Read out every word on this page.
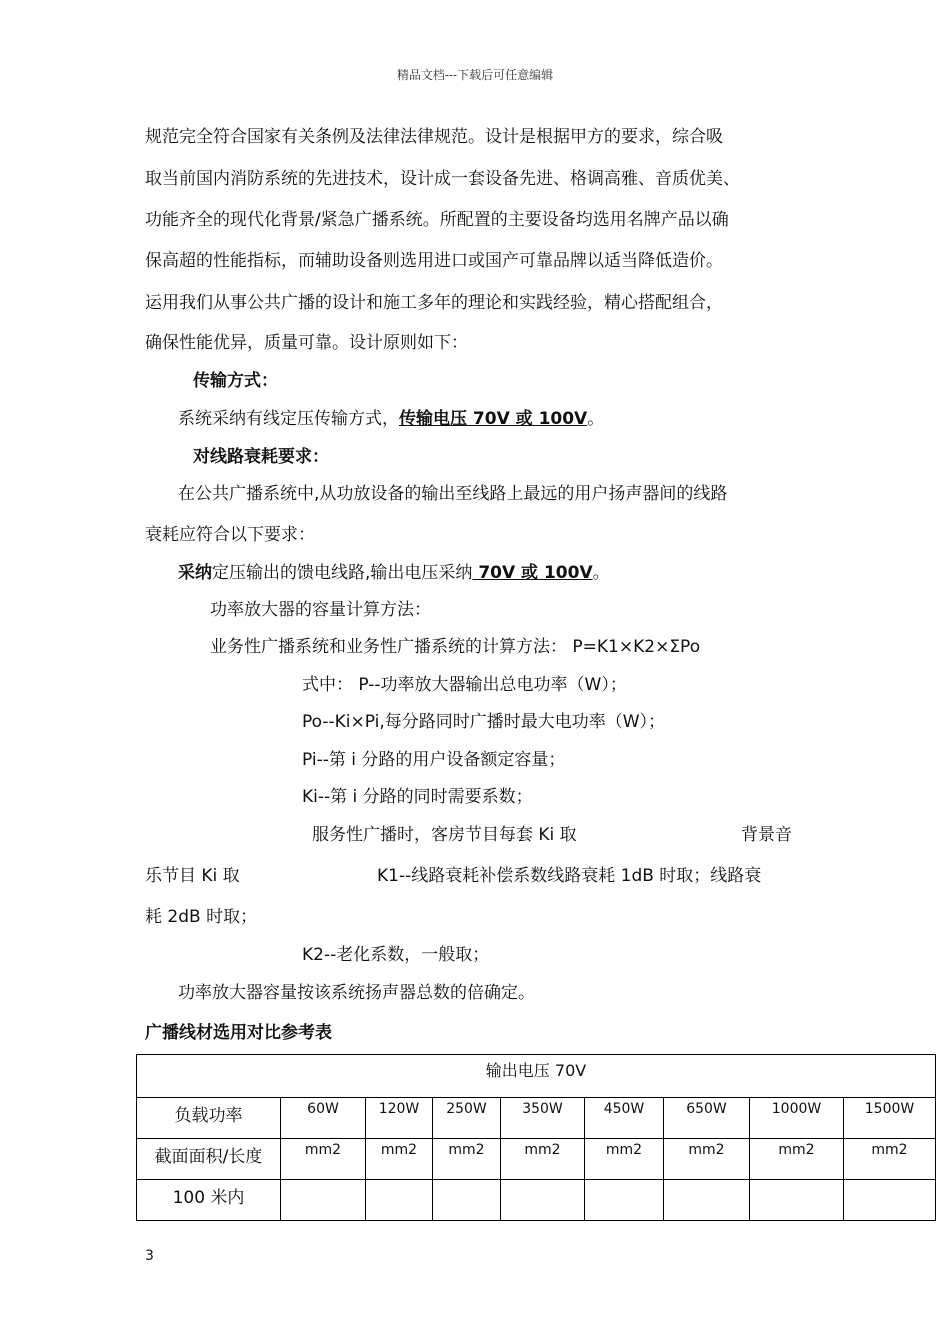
精品文档---下载后可任意编辑
规范完全符合国家有关条例及法律法律规范。设计是根据甲方的要求，综合吸
取当前国内消防系统的先进技术，设计成一套设备先进、格调高雅、音质优美、
功能齐全的现代化背景/紧急广播系统。所配置的主要设备均选用名牌产品以确
保高超的性能指标，而辅助设备则选用进口或国产可靠品牌以适当降低造价。
运用我们从事公共广播的设计和施工多年的理论和实践经验，精心搭配组合，
确保性能优异，质量可靠。设计原则如下：
传输方式：
系统采纳有线定压传输方式，传输电压 70V 或 100V。
对线路衰耗要求：
在公共广播系统中,从功放设备的输出至线路上最远的用户扬声器间的线路
衰耗应符合以下要求：
采纳定压输出的馈电线路,输出电压采纳 70V 或 100V。
功率放大器的容量计算方法：
业务性广播系统和业务性广播系统的计算方法： P=K1×K2×ΣPo
式中： P--功率放大器输出总电功率（W）；
Po--Ki×Pi,每分路同时广播时最大电功率（W）；
Pi--第 i 分路的用户设备额定容量；
Ki--第 i 分路的同时需要系数；
服务性广播时，客房节目每套 Ki 取	背景音
乐节目 Ki 取	K1--线路衰耗补偿系数线路衰耗 1dB 时取；线路衰
耗 2dB 时取；
K2--老化系数，一般取；
功率放大器容量按该系统扬声器总数的倍确定。
广播线材选用对比参考表
输出电压 70V								
负载功率	60W	120W	250W	350W	450W	650W	1000W	1500W
截面面积/长度	mm2	mm2	mm2	mm2	mm2	mm2	mm2	mm2
100 米内								
3
